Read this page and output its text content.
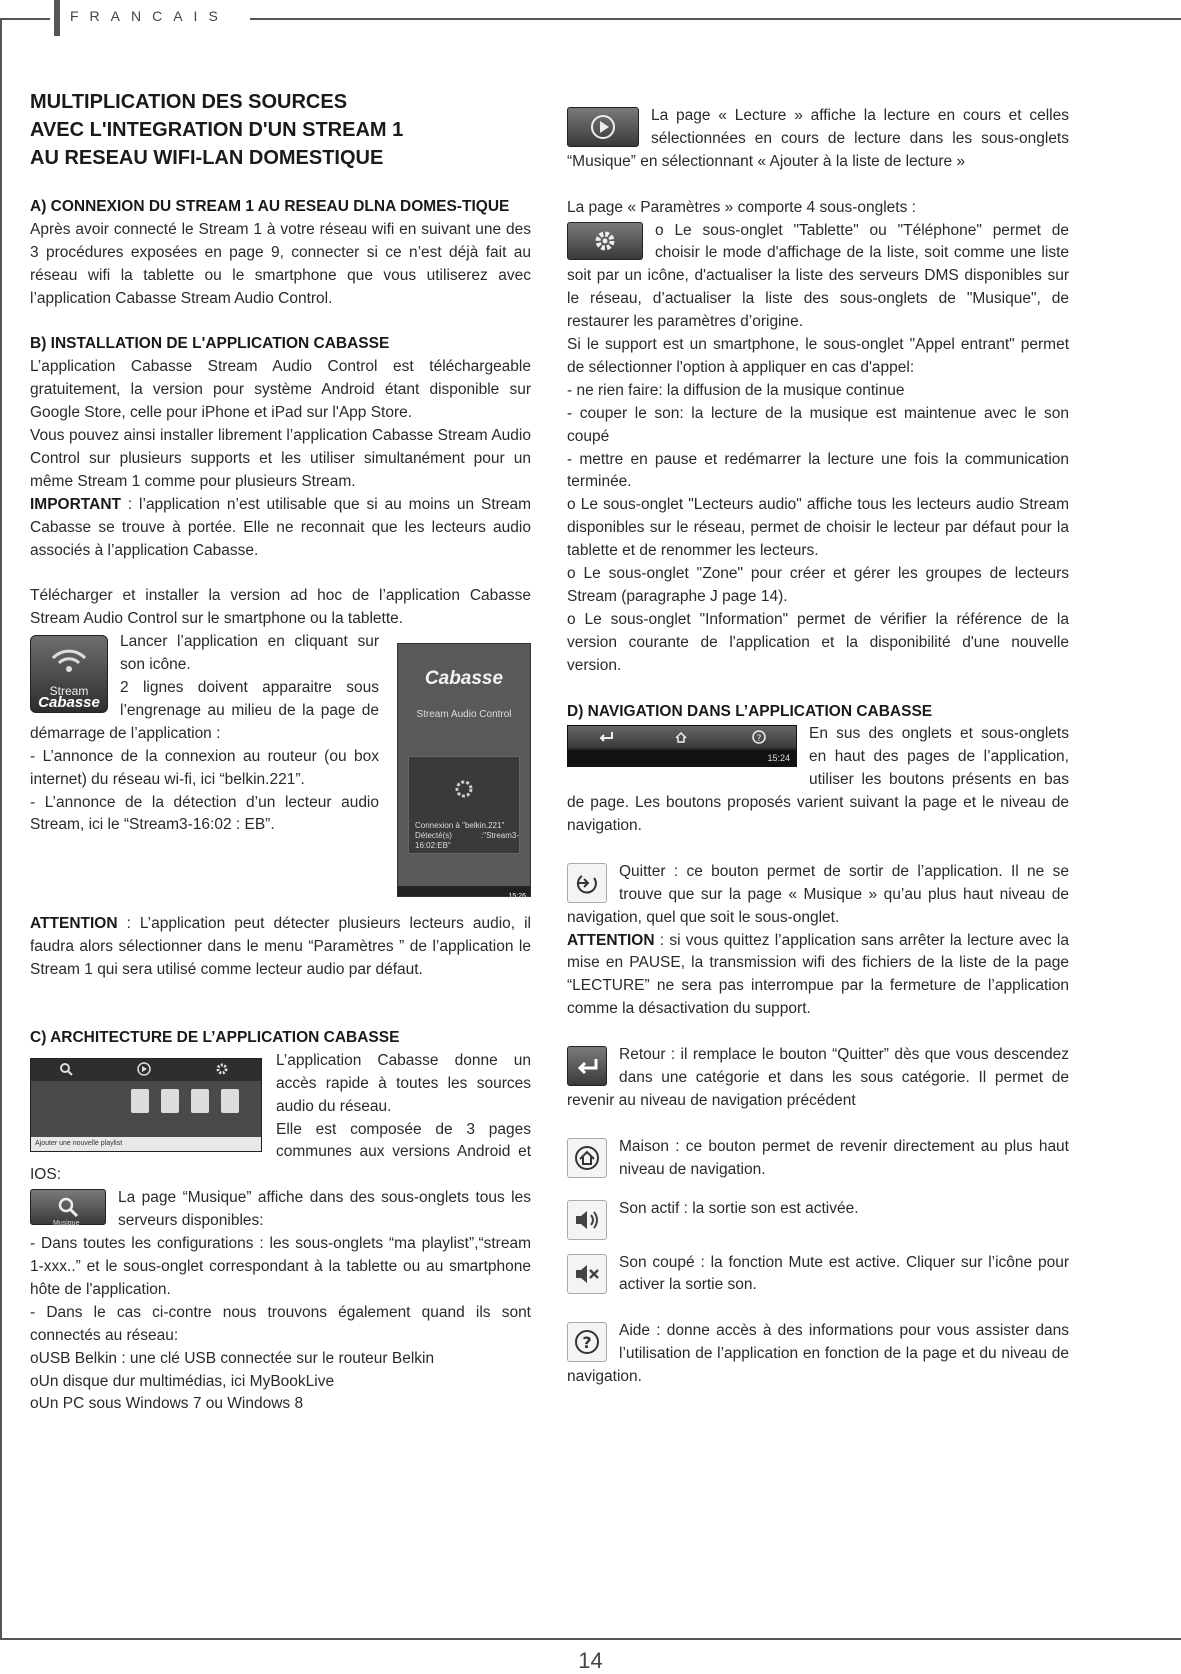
FRANCAIS
14
MULTIPLICATION DES SOURCES
AVEC L'INTEGRATION D'UN STREAM 1
AU RESEAU WIFI-LAN DOMESTIQUE
A) CONNEXION DU STREAM 1 AU RESEAU DLNA DOMES-TIQUE

Après avoir connecté le Stream 1 à votre réseau wifi en suivant une des 3 procédures exposées en page 9, connecter si ce n’est déjà fait au réseau wifi la tablette ou le smartphone que vous utiliserez avec l’application Cabasse Stream Audio Control.

B) INSTALLATION DE L'APPLICATION CABASSE

L’application Cabasse Stream Audio Control est téléchargeable gratuitement, la version pour système Android étant disponible sur Google Store, celle pour iPhone et iPad sur l'App Store.

Vous pouvez ainsi installer librement l’application Cabasse Stream Audio Control sur plusieurs supports et les utiliser simultanément pour un même Stream 1 comme pour plusieurs Stream.

IMPORTANT : l’application n’est utilisable que si au moins un Stream Cabasse se trouve à portée. Elle ne reconnait que les lecteurs audio associés à l’application Cabasse.

Télécharger et installer la version ad hoc de l’application Cabasse Stream Audio Control sur le smartphone ou la tablette.

Cabasse
Stream Audio Control
Connexion à "belkin.221"
Détecté(s) :"Stream3-16:02:EB"
15:26
Stream
Cabasse

Lancer l’application en cliquant sur son icône.

2 lignes doivent apparaitre sous l’engrenage au milieu de la page de démarrage de l’application :

- L’annonce de la connexion au routeur (ou box internet) du réseau wi-fi, ici “belkin.221”.

- L’annonce de la détection d’un lecteur audio Stream, ici le “Stream3-16:02 : EB”.

ATTENTION : L’application peut détecter plusieurs lecteurs audio, il faudra alors sélectionner dans le menu “Paramètres ” de l’application le Stream 1 qui sera utilisé comme lecteur audio par défaut.

C) ARCHITECTURE DE L’APPLICATION CABASSE
Ajouter une nouvelle playlist

L’application Cabasse donne un accès rapide à toutes les sources audio du réseau.

Elle est composée de 3 pages communes aux versions Android et IOS:

Musique

La page “Musique” affiche dans des sous-onglets tous les serveurs disponibles:

- Dans toutes les configurations : les sous-onglets “ma playlist”,“stream 1-xxx..” et le sous-onglet correspondant à la tablette ou au smartphone hôte de l'application.

- Dans le cas ci-contre nous trouvons également quand ils sont connectés au réseau:

oUSB Belkin : une clé USB connectée sur le routeur Belkin

oUn disque dur multimédias, ici MyBookLive

oUn PC sous Windows 7 ou Windows 8

La page « Lecture » affiche la lecture en cours et celles sélectionnées en cours de lecture dans les sous-onglets “Musique” en sélectionnant « Ajouter à la liste de lecture »

La page « Paramètres » comporte 4 sous-onglets :

o Le sous-onglet "Tablette" ou "Téléphone" permet de choisir le mode d'affichage de la liste, soit comme une liste soit par un icône, d'actualiser la liste des serveurs DMS disponibles sur le réseau, d’actualiser la liste des sous-onglets de "Musique", de restaurer les paramètres d’origine.

Si le support est un smartphone, le sous-onglet "Appel entrant" permet de sélectionner l'option à appliquer en cas d'appel:

- ne rien faire: la diffusion de la musique continue

- couper le son: la lecture de la musique est maintenue avec le son coupé

- mettre en pause et redémarrer la lecture une fois la communication terminée.

o Le sous-onglet "Lecteurs audio" affiche tous les lecteurs audio Stream disponibles sur le réseau, permet de choisir le lecteur par défaut pour la tablette et de renommer les lecteurs.

o Le sous-onglet "Zone" pour créer et gérer les groupes de lecteurs Stream (paragraphe J page 14).

o Le sous-onglet "Information" permet de vérifier la référence de la version courante de l'application et la disponibilité d'une nouvelle version.

D) NAVIGATION DANS L’APPLICATION CABASSE
?
15:24

En sus des onglets et sous-onglets en haut des pages de l’application, utiliser les boutons présents en bas de page. Les boutons proposés varient suivant la page et le niveau de navigation.

Quitter : ce bouton permet de sortir de l’application. Il ne se trouve que sur la page « Musique » qu’au plus haut niveau de navigation, quel que soit le sous-onglet.

ATTENTION : si vous quittez l’application sans arrêter la lecture avec la mise en PAUSE, la transmission wifi des fichiers de la liste de la page “LECTURE” ne sera pas interrompue par la fermeture de l’application comme la désactivation du support.

Retour : il remplace le bouton “Quitter” dès que vous descendez dans une catégorie et dans les sous catégorie. Il permet de revenir au niveau de navigation précédent

Maison : ce bouton permet de revenir directement au plus haut niveau de navigation.

Son actif : la sortie son est activée.

Son coupé : la fonction Mute est active. Cliquer sur l’icône pour activer la sortie son.

?

Aide : donne accès à des informations pour vous assister dans l’utilisation de l’application en fonction de la page et du niveau de navigation.
